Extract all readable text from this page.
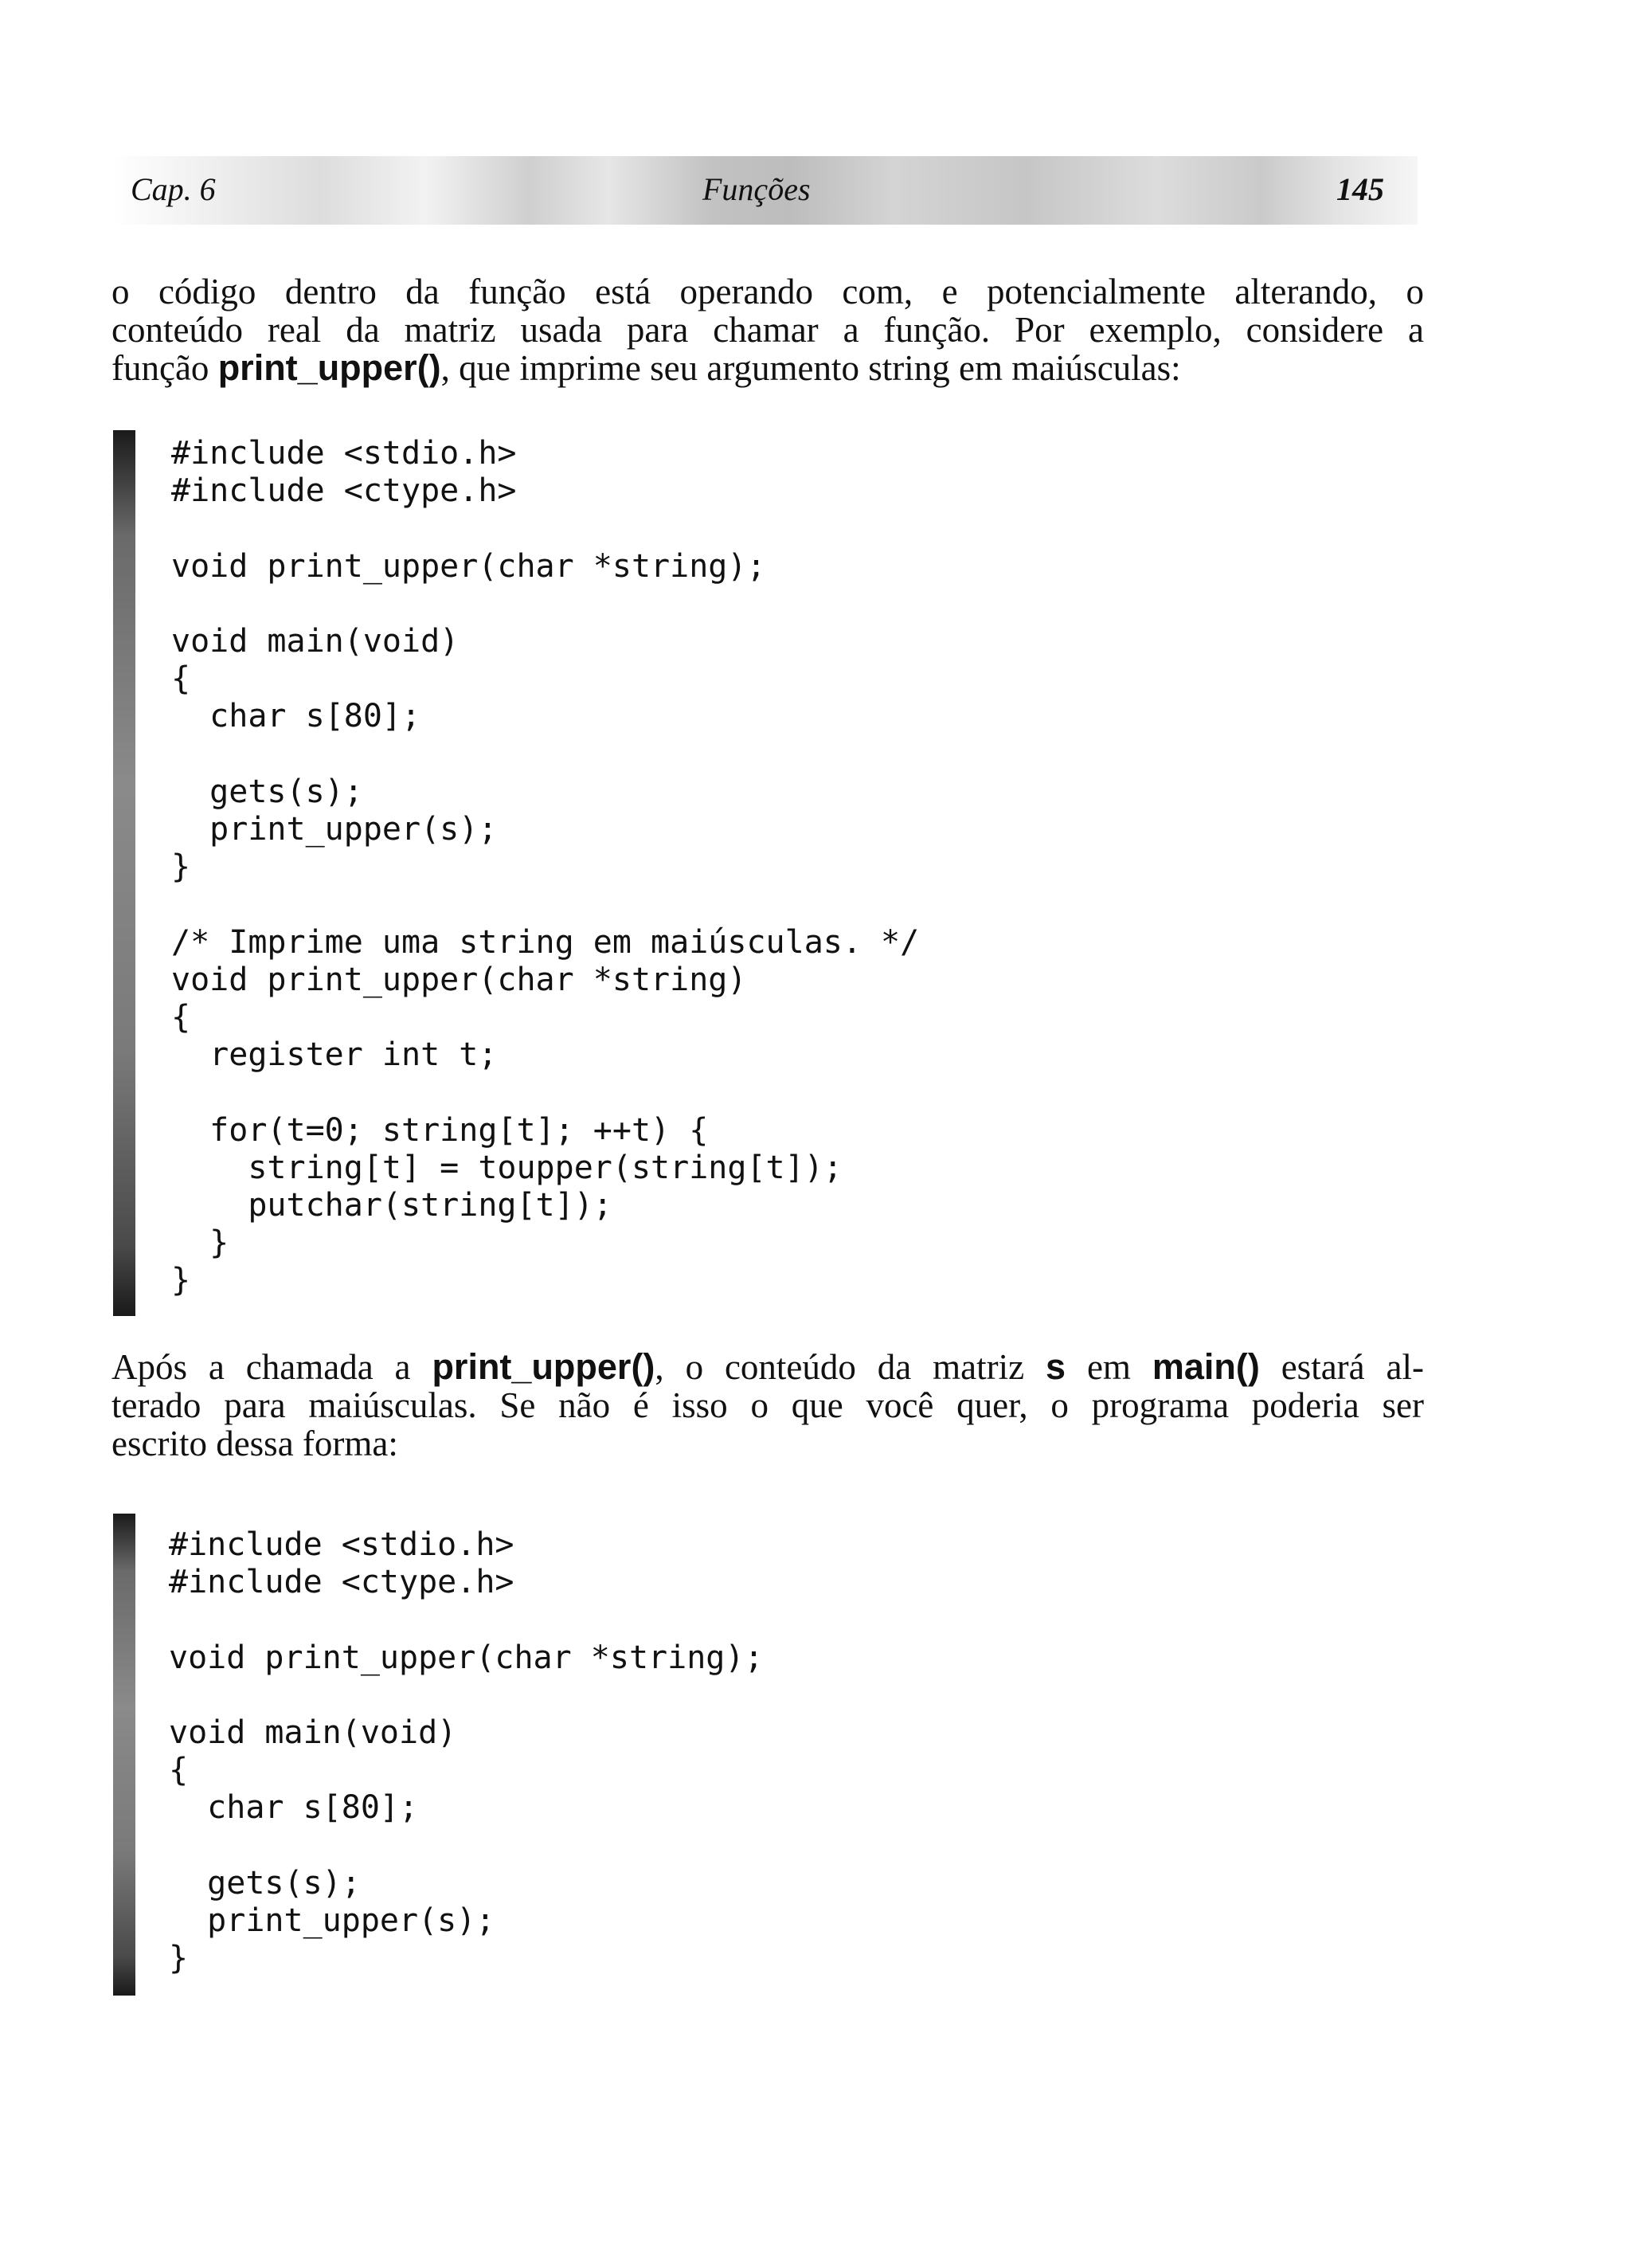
Cap. 6	Funções	145

o código dentro da função está operando com, e potencialmente alterando, o
conteúdo real da matriz usada para chamar a função. Por exemplo, considere a
função print_upper(), que imprime seu argumento string em maiúsculas:

#include <stdio.h>
#include <ctype.h>

void print_upper(char *string);

void main(void)
{
char s[80];

gets(s);
print_upper(s);
}

/* Imprime uma string em maiúsculas. */
void print_upper(char *string)
{
register int t;

for(t=0; string[t]; ++t) {
string[t] = toupper(string[t]);
putchar(string[t]);
}
}

Após a chamada a print_upper(), o conteúdo da matriz s em main() estará al-
terado para maiúsculas. Se não é isso o que você quer, o programa poderia ser
escrito dessa forma:

#include <stdio.h>
#include <ctype.h>

void print_upper(char *string);

void main(void)
{
char s[80];

gets(s);
print_upper(s);
}
